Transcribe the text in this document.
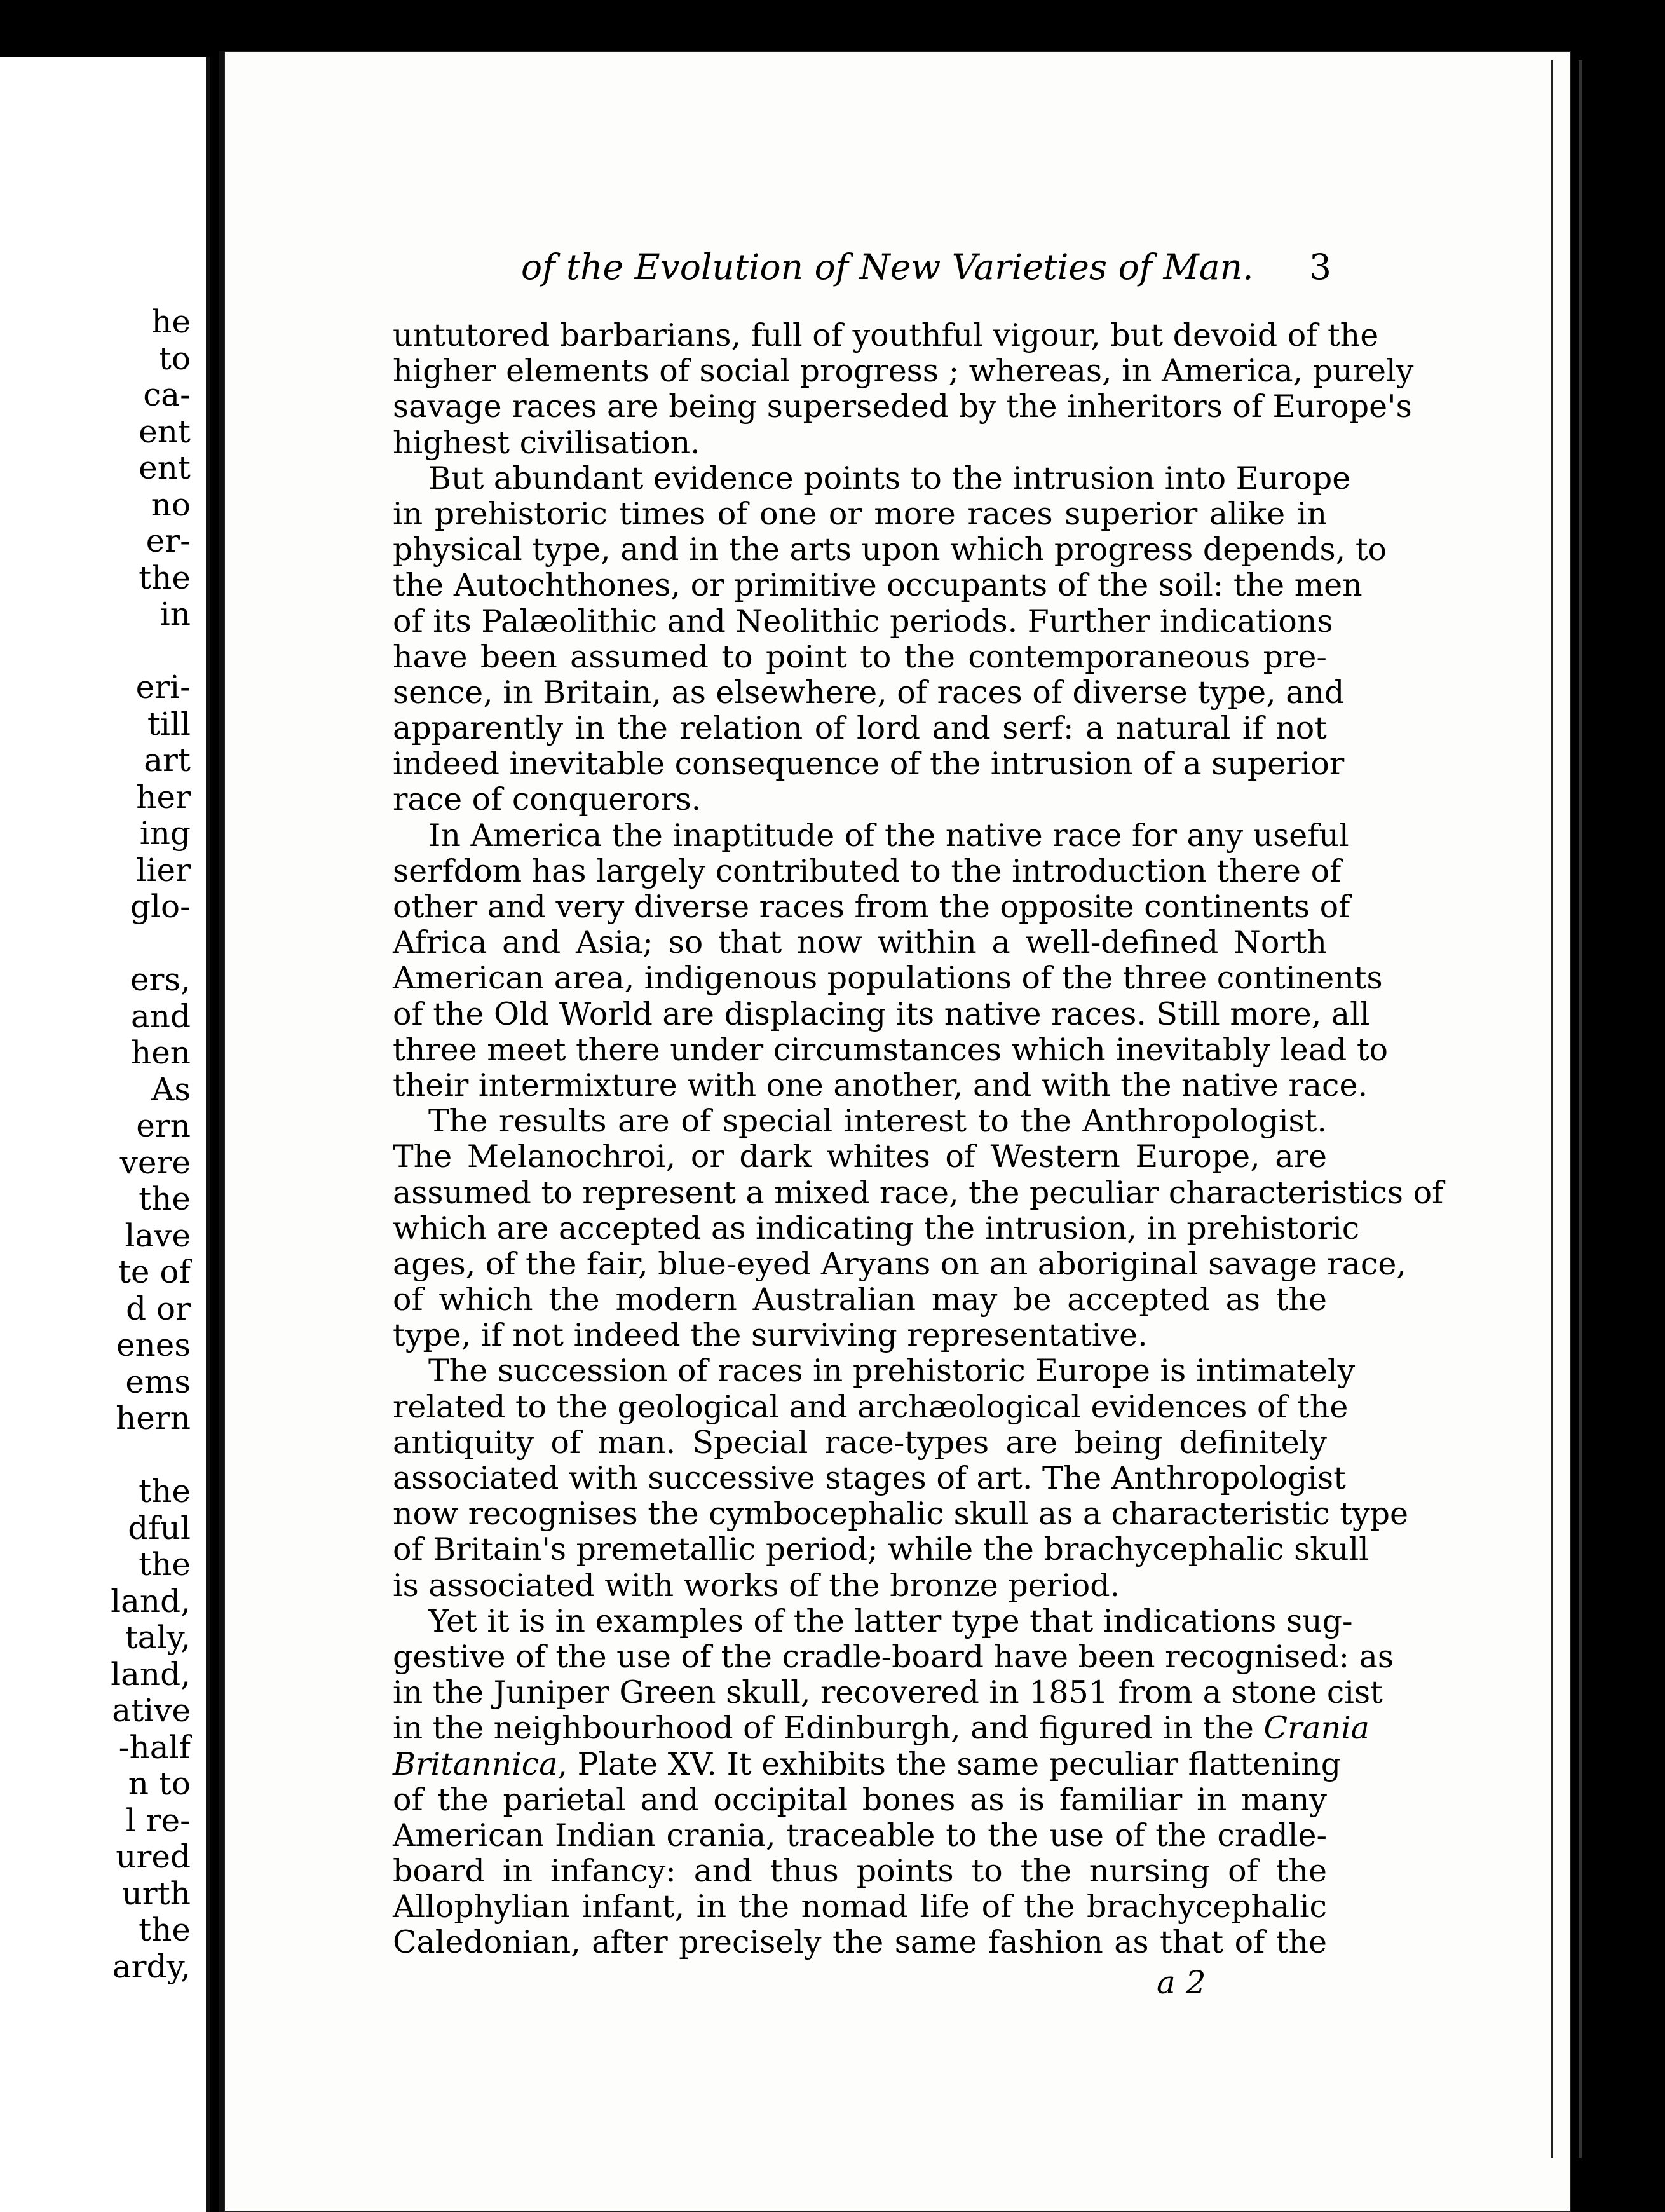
he
to
ca-
ent
ent
no
er-
the
in
eri-
till
art
her
ing
lier
glo-
ers,
and
hen
As
ern
vere
the
lave
te of
d or
enes
ems
hern
the
dful
the
land,
taly,
land,
ative
-half
n to
l re-
ured
urth
the
ardy,
of the Evolution of New Varieties of Man.	3
untutored barbarians, full of youthful vigour, but devoid of the
higher elements of social progress ; whereas, in America, purely
savage races are being superseded by the inheritors of Europe's
highest civilisation.
But abundant evidence points to the intrusion into Europe
in prehistoric times of one or more races superior alike in
physical type, and in the arts upon which progress depends, to
the Autochthones, or primitive occupants of the soil: the men
of its Palæolithic and Neolithic periods. Further indications
have been assumed to point to the contemporaneous pre-
sence, in Britain, as elsewhere, of races of diverse type, and
apparently in the relation of lord and serf: a natural if not
indeed inevitable consequence of the intrusion of a superior
race of conquerors.
In America the inaptitude of the native race for any useful
serfdom has largely contributed to the introduction there of
other and very diverse races from the opposite continents of
Africa and Asia; so that now within a well-defined North
American area, indigenous populations of the three continents
of the Old World are displacing its native races. Still more, all
three meet there under circumstances which inevitably lead to
their intermixture with one another, and with the native race.
The results are of special interest to the Anthropologist.
The Melanochroi, or dark whites of Western Europe, are
assumed to represent a mixed race, the peculiar characteristics of
which are accepted as indicating the intrusion, in prehistoric
ages, of the fair, blue-eyed Aryans on an aboriginal savage race,
of which the modern Australian may be accepted as the
type, if not indeed the surviving representative.
The succession of races in prehistoric Europe is intimately
related to the geological and archæological evidences of the
antiquity of man. Special race-types are being definitely
associated with successive stages of art. The Anthropologist
now recognises the cymbocephalic skull as a characteristic type
of Britain's premetallic period; while the brachycephalic skull
is associated with works of the bronze period.
Yet it is in examples of the latter type that indications sug-
gestive of the use of the cradle-board have been recognised: as
in the Juniper Green skull, recovered in 1851 from a stone cist
in the neighbourhood of Edinburgh, and figured in the Crania
Britannica, Plate XV. It exhibits the same peculiar flattening
of the parietal and occipital bones as is familiar in many
American Indian crania, traceable to the use of the cradle-
board in infancy: and thus points to the nursing of the
Allophylian infant, in the nomad life of the brachycephalic
Caledonian, after precisely the same fashion as that of the
a 2
